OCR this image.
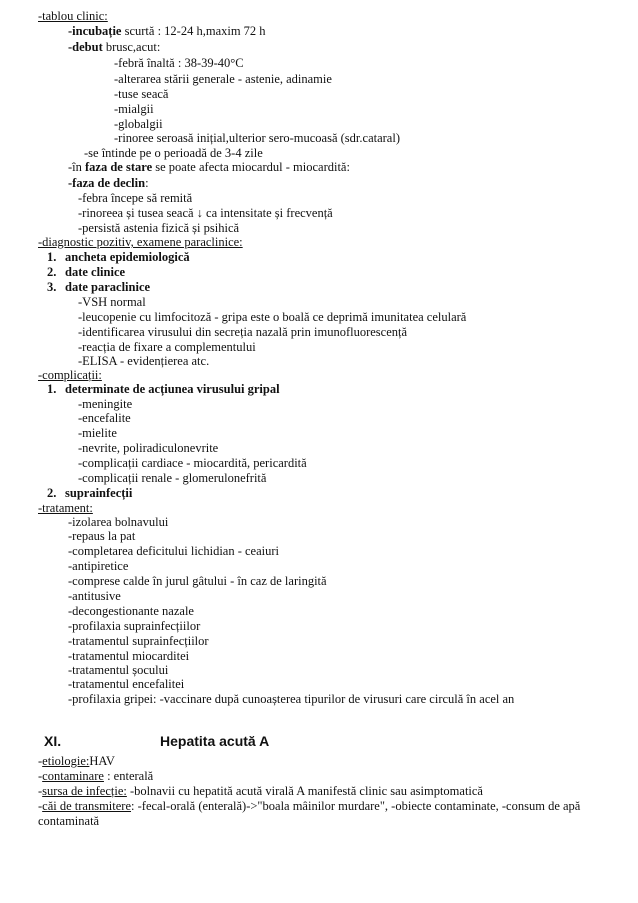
-tablou clinic:
-incubație scurtă : 12-24 h,maxim 72 h
-debut brusc,acut:
-febră înaltă : 38-39-40°C
-alterarea stării generale - astenie, adinamie
-tuse seacă
-mialgii
-globalgii
-rinoree seroasă inițial,ulterior sero-mucoasă (sdr.cataral)
-se întinde pe o perioadă de 3-4 zile
-în faza de stare se poate afecta miocardul - miocardită:
-faza de declin:
-febra începe să remită
-rinoreea și tusea seacă ↓ ca intensitate și frecvență
-persistă astenia fizică și psihică
-diagnostic pozitiv, examene paraclinice:
1. ancheta epidemiologică
2. date clinice
3. date paraclinice
-VSH normal
-leucopenie cu limfocitoză - gripa este o boală ce deprimă imunitatea celulară
-identificarea virusului din secreția nazală prin imunofluorescență
-reacția de fixare a complementului
-ELISA - evidențierea atc.
-complicații:
1. determinate de acțiunea virusului gripal
-meningite
-encefalite
-mielite
-nevrite, poliradiculonevrite
-complicații cardiace - miocardită, pericardită
-complicații renale - glomerulonefrită
2. suprainfecții
-tratament:
-izolarea bolnavului
-repaus la pat
-completarea deficitului lichidian - ceaiuri
-antipiretice
-comprese calde în jurul gâtului - în caz de laringită
-antitusive
-decongestionante nazale
-profilaxia suprainfecțiilor
-tratamentul suprainfecțiilor
-tratamentul miocarditei
-tratamentul șocului
-tratamentul encefalitei
-profilaxia gripei: -vaccinare după cunoașterea tipurilor de virusuri care circulă în acel an
XI.	Hepatita acută A
-etiologie:HAV
-contaminare : enterală
-sursa de infecție: -bolnavii cu hepatită acută virală A manifestă clinic sau asimptomatică
-căi de transmitere: -fecal-orală (enterală)->"boala mâinilor murdare", -obiecte contaminate, -consum de apă
contaminată
